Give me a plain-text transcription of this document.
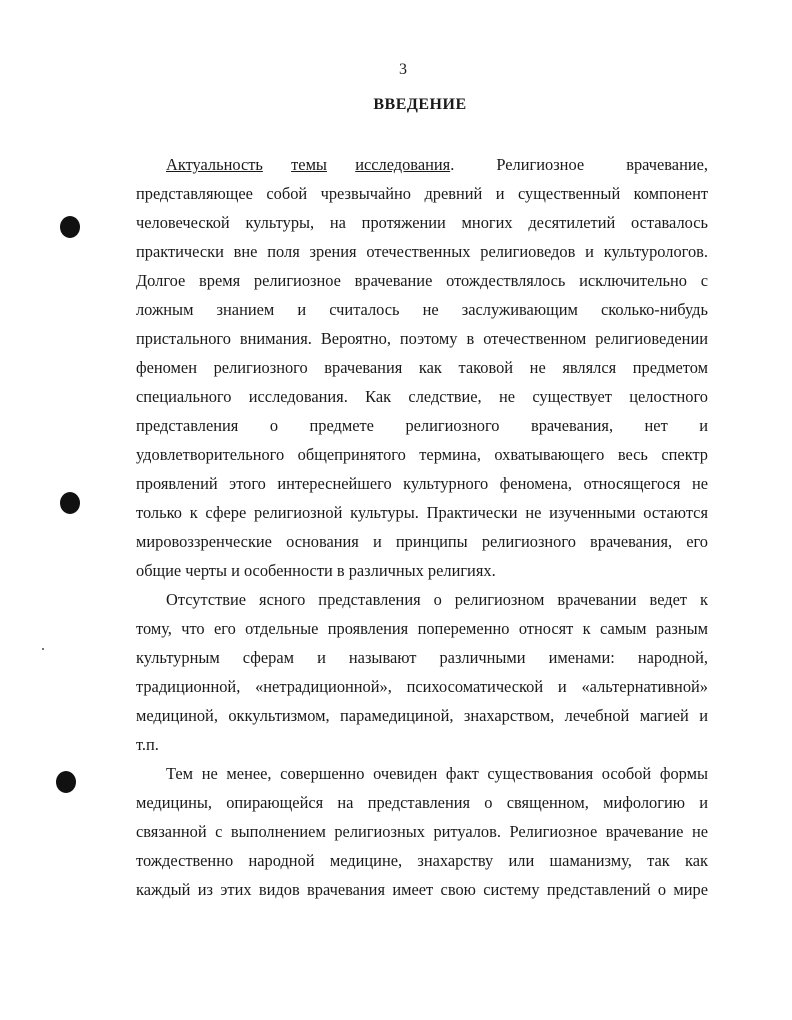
3
ВВЕДЕНИЕ
Актуальность темы исследования. Религиозное врачевание,
представляющее собой чрезвычайно древний и существенный компонент
человеческой культуры, на протяжении многих десятилетий оставалось
практически вне поля зрения отечественных религиоведов и культурологов.
Долгое время религиозное врачевание отождествлялось исключительно с
ложным знанием и считалось не заслуживающим сколько-нибудь
пристального внимания. Вероятно, поэтому в отечественном религиоведении
феномен религиозного врачевания как таковой не являлся предметом
специального исследования. Как следствие, не существует целостного
представления о предмете религиозного врачевания, нет и
удовлетворительного общепринятого термина, охватывающего весь спектр
проявлений этого интереснейшего культурного феномена, относящегося не
только к сфере религиозной культуры. Практически не изученными остаются
мировоззренческие основания и принципы религиозного врачевания, его
общие черты и особенности в различных религиях.
Отсутствие ясного представления о религиозном врачевании ведет к
тому, что его отдельные проявления попеременно относят к самым разным
культурным сферам и называют различными именами: народной,
традиционной, «нетрадиционной», психосоматической и «альтернативной»
медициной, оккультизмом, парамедициной, знахарством, лечебной магией и
т.п.
Тем не менее, совершенно очевиден факт существования особой формы
медицины, опирающейся на представления о священном, мифологию и
связанной с выполнением религиозных ритуалов. Религиозное врачевание не
тождественно народной медицине, знахарству или шаманизму, так как
каждый из этих видов врачевания имеет свою систему представлений о мире
